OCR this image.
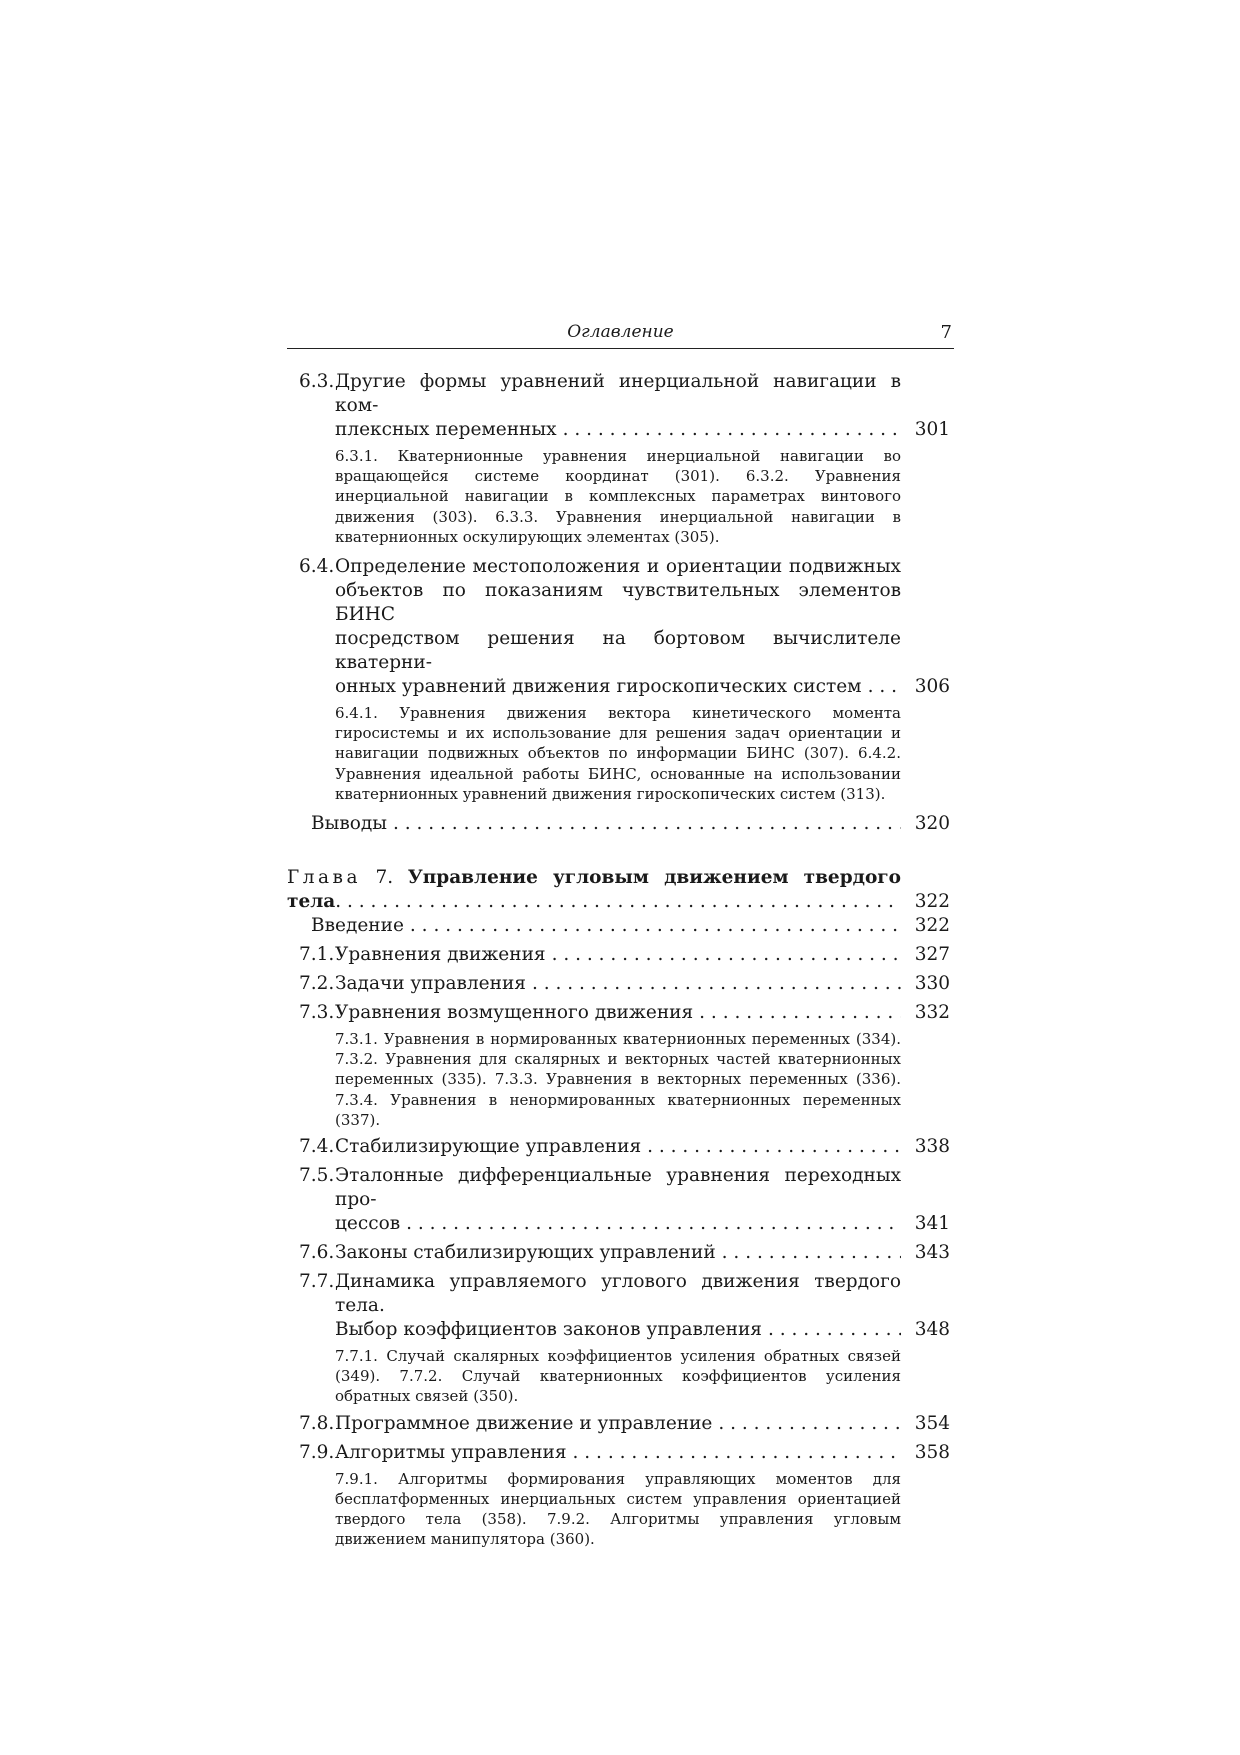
Оглавление	7
6.3. Другие формы уравнений инерциальной навигации в ком-
плексных переменных . . .	301
6.3.1. Кватернионные уравнения инерциальной навигации во вращающейся системе координат (301). 6.3.2. Уравнения инерциальной навигации в комплексных параметрах винтового движения (303). 6.3.3. Уравнения инерциальной навигации в кватернионных оскулирующих элементах (305).
6.4. Определение местоположения и ориентации подвижных
объектов по показаниям чувствительных элементов БИНС
посредством решения на бортовом вычислителе кватерни-
онных уравнений движения гироскопических систем . . .	306
6.4.1. Уравнения движения вектора кинетического момента гиросистемы и их использование для решения задач ориентации и навигации подвижных объектов по информации БИНС (307). 6.4.2. Уравнения идеальной работы БИНС, основанные на использовании кватернионных уравнений движения гироскопических систем (313).
Выводы . . .	320
Глава 7. Управление угловым движением твердого
тела . . .	322
Введение . . .	322
7.1. Уравнения движения . . .	327
7.2. Задачи управления . . .	330
7.3. Уравнения возмущенного движения . . .	332
7.3.1. Уравнения в нормированных кватернионных переменных (334). 7.3.2. Уравнения для скалярных и векторных частей кватернионных переменных (335). 7.3.3. Уравнения в векторных переменных (336). 7.3.4. Уравнения в ненормированных кватернионных переменных (337).
7.4. Стабилизирующие управления . . .	338
7.5. Эталонные дифференциальные уравнения переходных про-
цессов . . .	341
7.6. Законы стабилизирующих управлений . . .	343
7.7. Динамика управляемого углового движения твердого тела.
Выбор коэффициентов законов управления . . .	348
7.7.1. Случай скалярных коэффициентов усиления обратных связей (349). 7.7.2. Случай кватернионных коэффициентов усиления обратных связей (350).
7.8. Программное движение и управление . . .	354
7.9. Алгоритмы управления . . .	358
7.9.1. Алгоритмы формирования управляющих моментов для бесплатформенных инерциальных систем управления ориентацией твердого тела (358). 7.9.2. Алгоритмы управления угловым движением манипулятора (360).
